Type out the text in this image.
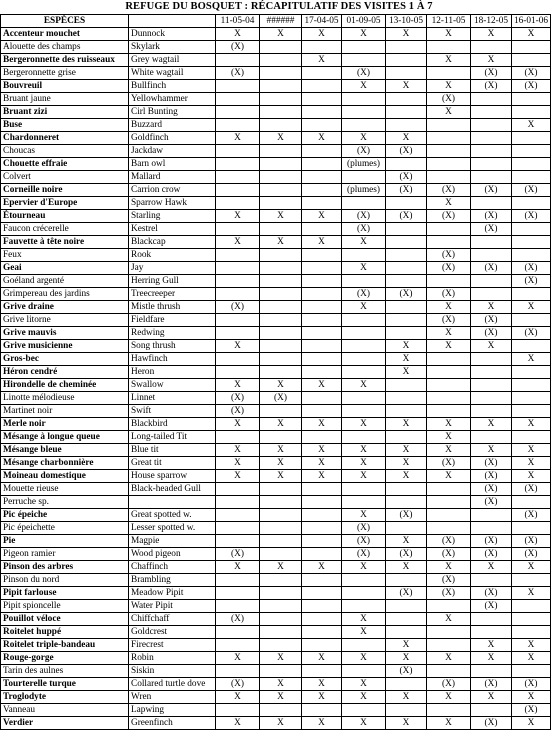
REFUGE DU BOSQUET : RÉCAPITULATIF DES VISITES 1 À 7
ESPÈCES		11-05-04	######	17-04-05	01-09-05	13-10-05	12-11-05	18-12-05	16-01-06
Accenteur mouchet	Dunnock	X	X	X	X	X	X	X	X
Alouette des champs	Skylark	(X)							
Bergeronnette des ruisseaux	Grey wagtail			X			X	X	
Bergeronnette grise	White wagtail	(X)			(X)			(X)	(X)
Bouvreuil	Bullfinch				X	X	X	(X)	(X)
Bruant jaune	Yellowhammer						(X)		
Bruant zizi	Cirl Bunting						X		
Buse	Buzzard								X
Chardonneret	Goldfinch	X	X	X	X	X			
Choucas	Jackdaw				(X)	(X)			
Chouette effraie	Barn owl				(plumes)				
Colvert	Mallard					(X)			
Corneille noire	Carrion crow				(plumes)	(X)	(X)	(X)	(X)
Epervier d'Europe	Sparrow Hawk						X		
Étourneau	Starling	X	X	X	(X)	(X)	(X)	(X)	(X)
Faucon crécerelle	Kestrel				(X)			(X)	
Fauvette à tête noire	Blackcap	X	X	X	X				
Feux	Rook						(X)		
Geai	Jay				X		(X)	(X)	(X)
Goéland argenté	Herring Gull								(X)
Grimpereau des jardins	Treecreeper				(X)	(X)	(X)		
Grive draine	Mistle thrush	(X)			X		X	X	X
Grive litorne	Fieldfare						(X)	(X)	
Grive mauvis	Redwing						X	(X)	(X)
Grive musicienne	Song thrush	X				X	X	X	
Gros-bec	Hawfinch					X			X
Héron cendré	Heron					X			
Hirondelle de cheminée	Swallow	X	X	X	X				
Linotte mélodieuse	Linnet	(X)	(X)						
Martinet noir	Swift	(X)							
Merle noir	Blackbird	X	X	X	X	X	X	X	X
Mésange à longue queue	Long-tailed Tit						X		
Mésange bleue	Blue tit	X	X	X	X	X	X	X	X
Mésange charbonnière	Great tit	X	X	X	X	X	(X)	(X)	X
Moineau domestique	House sparrow	X	X	X	X	X	X	(X)	X
Mouette rieuse	Black-headed Gull							(X)	(X)
Perruche sp.								(X)	
Pic épeiche	Great spotted w.				X	(X)			(X)
Pic épeichette	Lesser spotted w.				(X)				
Pie	Magpie				(X)	X	(X)	(X)	(X)
Pigeon ramier	Wood pigeon	(X)			(X)	(X)	(X)	(X)	(X)
Pinson des arbres	Chaffinch	X	X	X	X	X	X	X	X
Pinson du nord	Brambling						(X)		
Pipit farlouse	Meadow Pipit					(X)	(X)	(X)	X
Pipit spioncelle	Water Pipit							(X)	
Pouillot véloce	Chiffchaff	(X)			X		X		
Roitelet huppé	Goldcrest				X				
Roitelet triple-bandeau	Firecrest					X		X	X
Rouge-gorge	Robin	X	X	X	X	X	X	X	X
Tarin des aulnes	Siskin					(X)			
Tourterelle turque	Collared turtle dove	(X)	X	X	X		(X)	(X)	(X)
Troglodyte	Wren	X	X	X	X	X	X	X	X
Vanneau	Lapwing								(X)
Verdier	Greenfinch	X	X	X	X	X	X	(X)	X
